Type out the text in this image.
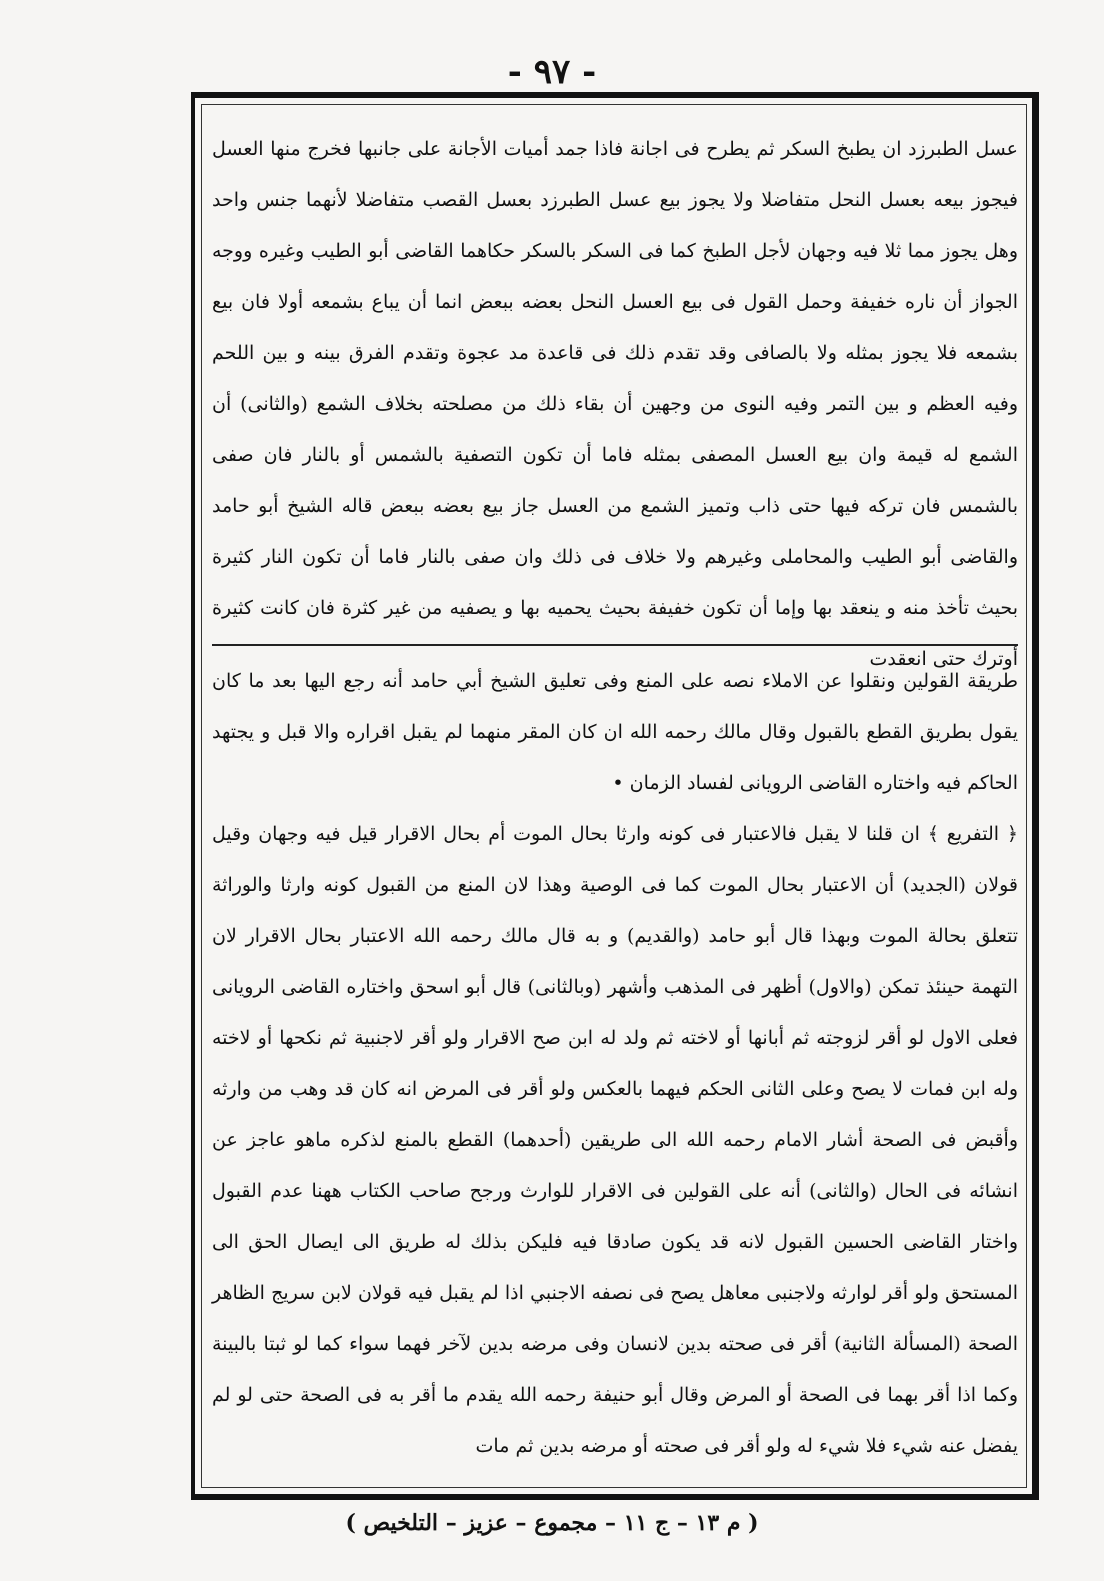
- ٩٧ -

عسل الطبرزد ان يطبخ السكر ثم يطرح فى اجانة فاذا جمد أميات الأجانة على جانبها فخرج منها العسل فيجوز بيعه بعسل النحل متفاضلا ولا يجوز بيع عسل الطبرزد بعسل القصب متفاضلا لأنهما جنس واحد وهل يجوز مما ثلا فيه وجهان لأجل الطبخ كما فى السكر بالسكر حكاهما القاضى أبو الطيب وغيره ووجه الجواز أن ناره خفيفة وحمل القول فى بيع العسل النحل بعضه ببعض انما أن يباع بشمعه أولا فان بيع بشمعه فلا يجوز بمثله ولا بالصافى وقد تقدم ذلك فى قاعدة مد عجوة وتقدم الفرق بينه و بين اللحم وفيه العظم و بين التمر وفيه النوى من وجهين أن بقاء ذلك من مصلحته بخلاف الشمع (والثانى) أن الشمع له قيمة وان بيع العسل المصفى بمثله فاما أن تكون التصفية بالشمس أو بالنار فان صفى بالشمس فان تركه فيها حتى ذاب وتميز الشمع من العسل جاز بيع بعضه ببعض قاله الشيخ أبو حامد والقاضى أبو الطيب والمحاملى وغيرهم ولا خلاف فى ذلك وان صفى بالنار فاما أن تكون النار كثيرة بحيث تأخذ منه و ينعقد بها وإما أن تكون خفيفة بحيث يحميه بها و يصفيه من غير كثرة فان كانت كثيرة أوترك حتى انعقدت

طريقة القولين ونقلوا عن الاملاء نصه على المنع وفى تعليق الشيخ أبي حامد أنه رجع اليها بعد ما كان يقول بطريق القطع بالقبول وقال مالك رحمه الله ان كان المقر منهما لم يقبل اقراره والا قبل و يجتهد الحاكم فيه واختاره القاضى الرويانى لفساد الزمان •

﴿ التفريع ﴾ ان قلنا لا يقبل فالاعتبار فى كونه وارثا بحال الموت أم بحال الاقرار قيل فيه وجهان وقيل قولان (الجديد) أن الاعتبار بحال الموت كما فى الوصية وهذا لان المنع من القبول كونه وارثا والوراثة تتعلق بحالة الموت وبهذا قال أبو حامد (والقديم) و به قال مالك رحمه الله الاعتبار بحال الاقرار لان التهمة حينئذ تمكن (والاول) أظهر فى المذهب وأشهر (وبالثانى) قال أبو اسحق واختاره القاضى الرويانى فعلى الاول لو أقر لزوجته ثم أبانها أو لاخته ثم ولد له ابن صح الاقرار ولو أقر لاجنبية ثم نكحها أو لاخته وله ابن فمات لا يصح وعلى الثانى الحكم فيهما بالعكس ولو أقر فى المرض انه كان قد وهب من وارثه وأقبض فى الصحة أشار الامام رحمه الله الى طريقين (أحدهما) القطع بالمنع لذكره ماهو عاجز عن انشائه فى الحال (والثانى) أنه على القولين فى الاقرار للوارث ورجح صاحب الكتاب ههنا عدم القبول واختار القاضى الحسين القبول لانه قد يكون صادقا فيه فليكن بذلك له طريق الى ايصال الحق الى المستحق ولو أقر لوارثه ولاجنبى معاهل يصح فى نصفه الاجنبي اذا لم يقبل فيه قولان لابن سريج الظاهر الصحة (المسألة الثانية) أقر فى صحته بدين لانسان وفى مرضه بدين لآخر فهما سواء كما لو ثبتا بالبينة وكما اذا أقر بهما فى الصحة أو المرض وقال أبو حنيفة رحمه الله يقدم ما أقر به فى الصحة حتى لو لم يفضل عنه شيء فلا شيء له ولو أقر فى صحته أو مرضه بدين ثم مات

( م ١٣ – ج ١١ – مجموع – عزيز – التلخيص )
